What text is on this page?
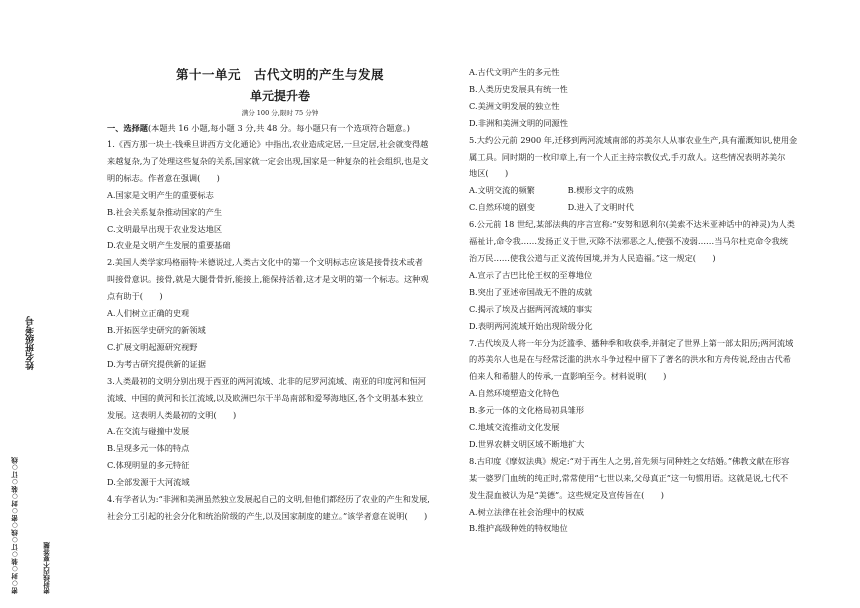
密○封○装○订○线○密○封○装○订○线
姓名班级考号
密封线内不要答题
第十一单元　古代文明的产生与发展
单元提升卷
满分 100 分,限时 75 分钟
一、选择题(本题共 16 小题,每小题 3 分,共 48 分。每小题只有一个选项符合题意。)
1.《西方那一块土-钱乘旦讲西方文化通论》中指出,农业造成定居,一旦定居,社会就变得越
来越复杂,为了处理这些复杂的关系,国家就一定会出现,国家是一种复杂的社会组织,也是文
明的标志。作者意在强调(　　)
A.国家是文明产生的重要标志
B.社会关系复杂推动国家的产生
C.文明最早出现于农业发达地区
D.农业是文明产生发展的重要基础
2.美国人类学家玛格丽特·米德说过,人类古文化中的第一个文明标志应该是接骨技术或者
叫接骨意识。接骨,就是大腿骨骨折,能接上,能保持活着,这才是文明的第一个标志。这种观
点有助于(　　)
A.人们树立正确的史观
B.开拓医学史研究的新领域
C.扩展文明起源研究视野
D.为考古研究提供新的证据
3.人类最初的文明分别出现于西亚的两河流域、北非的尼罗河流域、南亚的印度河和恒河
流域、中国的黄河和长江流域,以及欧洲巴尔干半岛南部和爱琴海地区,各个文明基本独立
发展。这表明人类最初的文明(　　)
A.在交流与碰撞中发展
B.呈现多元一体的特点
C.体现明显的多元特征
D.全部发源于大河流域
4.有学者认为:“非洲和美洲虽然独立发展起自己的文明,但他们都经历了农业的产生和发展,
社会分工引起的社会分化和统治阶级的产生,以及国家制度的建立。”该学者意在说明(　　)
A.古代文明产生的多元性
B.人类历史发展具有统一性
C.美洲文明发展的独立性
D.非洲和美洲文明的同源性
5.大约公元前 2900 年,迁移到两河流域南部的苏美尔人从事农业生产,具有灌溉知识,使用金
属工具。同时期的一枚印章上,有一个人正主持宗教仪式,手刃敌人。这些情况表明苏美尔
地区(　　)
A.文明交流的频繁　　　　B.楔形文字的成熟
C.自然环境的剧变　　　　D.进入了文明时代
6.公元前 18 世纪,某部法典的序言宣称:“安努和恩利尔(美索不达米亚神话中的神灵)为人类
福祉计,命令我……发扬正义于世,灭除不法邪恶之人,使强不凌弱……当马尔杜克命令我统
治万民……使我公道与正义流传国境,并为人民造福。”这一规定(　　)
A.宣示了古巴比伦王权的至尊地位
B.突出了亚述帝国战无不胜的成就
C.揭示了埃及占据两河流域的事实
D.表明两河流域开始出现阶级分化
7.古代埃及人将一年分为泛滥季、播种季和收获季,并制定了世界上第一部太阳历;两河流域
的苏美尔人也是在与经常泛滥的洪水斗争过程中留下了著名的洪水和方舟传说,经由古代希
伯来人和希腊人的传承,一直影响至今。材料说明(　　)
A.自然环境塑造文化特色
B.多元一体的文化格局初具雏形
C.地域交流推动文化发展
D.世界农耕文明区域不断地扩大
8.古印度《摩奴法典》规定:“对于再生人之男,首先须与同种姓之女结婚。”佛教文献在形容
某一婆罗门血统的纯正时,常常使用“七世以来,父母真正”这一句惯用语。这就是说,七代不
发生混血被认为是“美德”。这些规定及宣传旨在(　　)
A.树立法律在社会治理中的权威
B.维护高级种姓的特权地位
